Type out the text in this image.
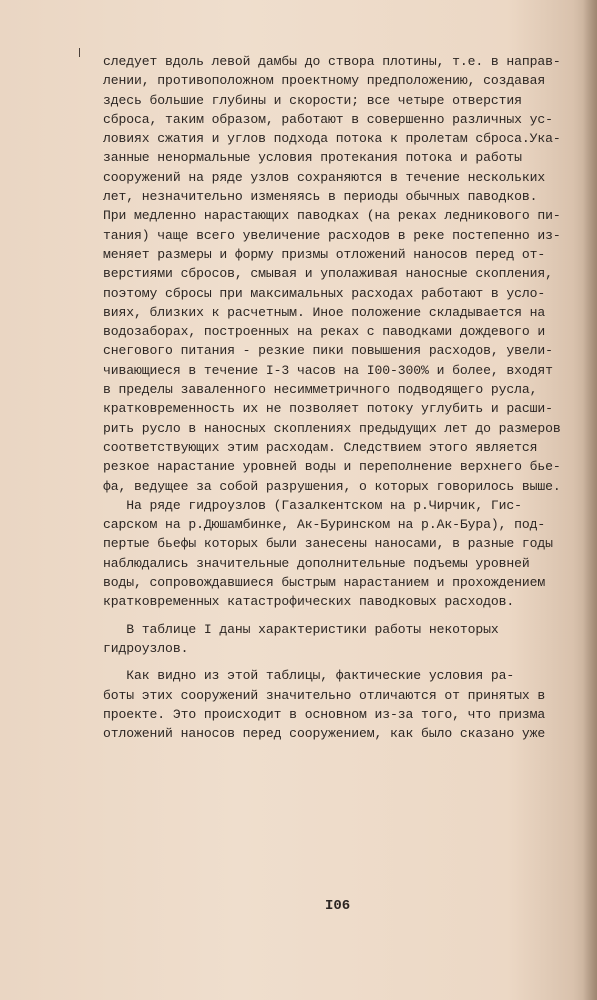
следует вдоль левой дамбы до створа плотины, т.е. в направ-
лении, противоположном проектному предположению, создавая
здесь большие глубины и скорости; все четыре отверстия
сброса, таким образом, работают в совершенно различных ус-
ловиях сжатия и углов подхода потока к пролетам сброса.Ука-
занные ненормальные условия протекания потока и работы
сооружений на ряде узлов сохраняются в течение нескольких
лет, незначительно изменяясь в периоды обычных паводков.
При медленно нарастающих паводках (на реках ледникового пи-
тания) чаще всего увеличение расходов в реке постепенно из-
меняет размеры и форму призмы отложений наносов перед от-
верстиями сбросов, смывая и уполаживая наносные скопления,
поэтому сбросы при максимальных расходах работают в усло-
виях, близких к расчетным. Иное положение складывается на
водозаборах, построенных на реках с паводками дождевого и
снегового питания - резкие пики повышения расходов, увели-
чивающиеся в течение I-3 часов на I00-300% и более, входят
в пределы заваленного несимметричного подводящего русла,
кратковременность их не позволяет потоку углубить и расши-
рить русло в наносных скоплениях предыдущих лет до размеров
соответствующих этим расходам. Следствием этого является
резкое нарастание уровней воды и переполнение верхнего бье-
фа, ведущее за собой разрушения, о которых говорилось выше.
На ряде гидроузлов (Газалкентском на р.Чирчик, Гис-
сарском на р.Дюшамбинке, Ак-Буринском на р.Ак-Бура), под-
пертые бьефы которых были занесены наносами, в разные годы
наблюдались значительные дополнительные подъемы уровней
воды, сопровождавшиеся быстрым нарастанием и прохождением
кратковременных катастрофических паводковых расходов.
В таблице I даны характеристики работы некоторых
гидроузлов.
Как видно из этой таблицы, фактические условия ра-
боты этих сооружений значительно отличаются от принятых в
проекте. Это происходит в основном из-за того, что призма
отложений наносов перед сооружением, как было сказано уже
I06
